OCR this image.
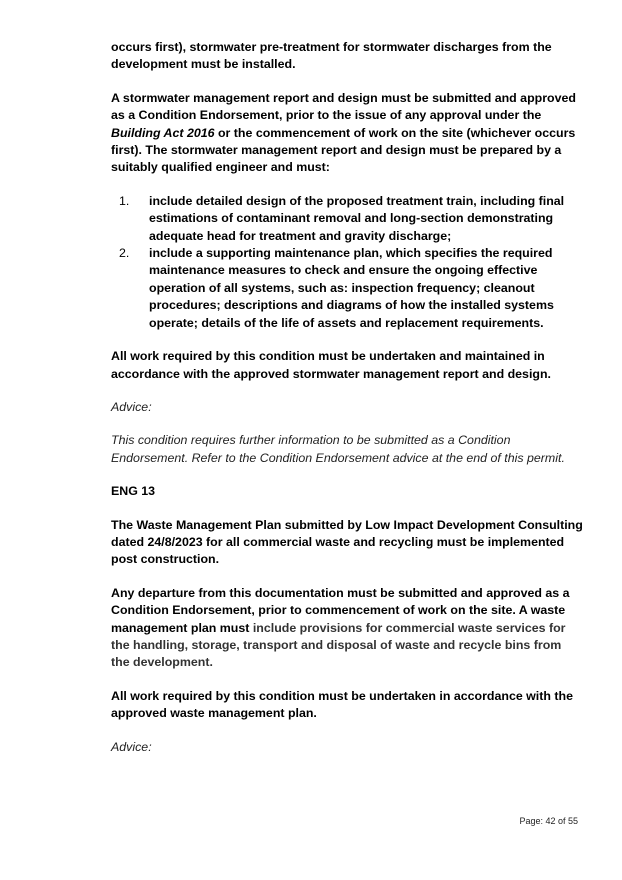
occurs first), stormwater pre-treatment for stormwater discharges from the development must be installed.

A stormwater management report and design must be submitted and approved as a Condition Endorsement, prior to the issue of any approval under the Building Act 2016 or the commencement of work on the site (whichever occurs first). The stormwater management report and design must be prepared by a suitably qualified engineer and must:

1. include detailed design of the proposed treatment train, including final estimations of contaminant removal and long-section demonstrating adequate head for treatment and gravity discharge;
2. include a supporting maintenance plan, which specifies the required maintenance measures to check and ensure the ongoing effective operation of all systems, such as: inspection frequency; cleanout procedures; descriptions and diagrams of how the installed systems operate; details of the life of assets and replacement requirements.

All work required by this condition must be undertaken and maintained in accordance with the approved stormwater management report and design.

Advice:

This condition requires further information to be submitted as a Condition Endorsement. Refer to the Condition Endorsement advice at the end of this permit.

ENG 13

The Waste Management Plan submitted by Low Impact Development Consulting dated 24/8/2023 for all commercial waste and recycling must be implemented post construction.

Any departure from this documentation must be submitted and approved as a Condition Endorsement, prior to commencement of work on the site. A waste management plan must include provisions for commercial waste services for the handling, storage, transport and disposal of waste and recycle bins from the development.

All work required by this condition must be undertaken in accordance with the approved waste management plan.

Advice:

Page: 42 of 55
